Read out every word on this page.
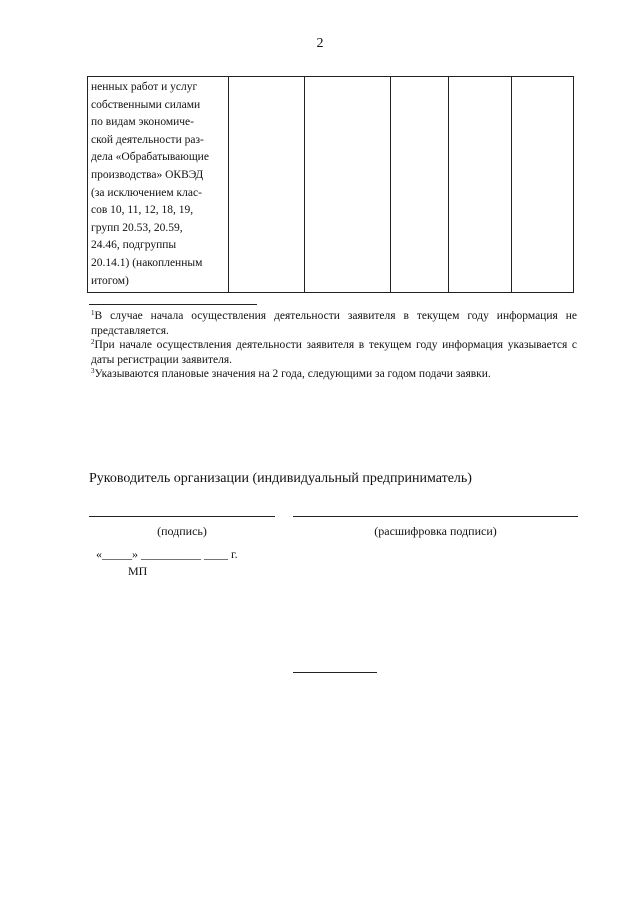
2
ненных работ и услуг
собственными силами
по видам экономиче-
ской деятельности раз-
дела «Обрабатывающие
производства» ОКВЭД
(за исключением клас-
сов 10, 11, 12, 18, 19,
групп 20.53, 20.59,
24.46, подгруппы
20.14.1) (накопленным
итогом)

$^1$В случае начала осуществления деятельности заявителя в текущем году информация не представляется.

$^2$При начале осуществления деятельности заявителя в текущем году информация указывается с даты регистрации заявителя.

$^3$Указываются плановые значения на 2 года, следующими за годом подачи заявки.

Руководитель организации (индивидуальный предприниматель)
(подпись)	(расшифровка подписи)
«_____» __________ ____ г.
МП
